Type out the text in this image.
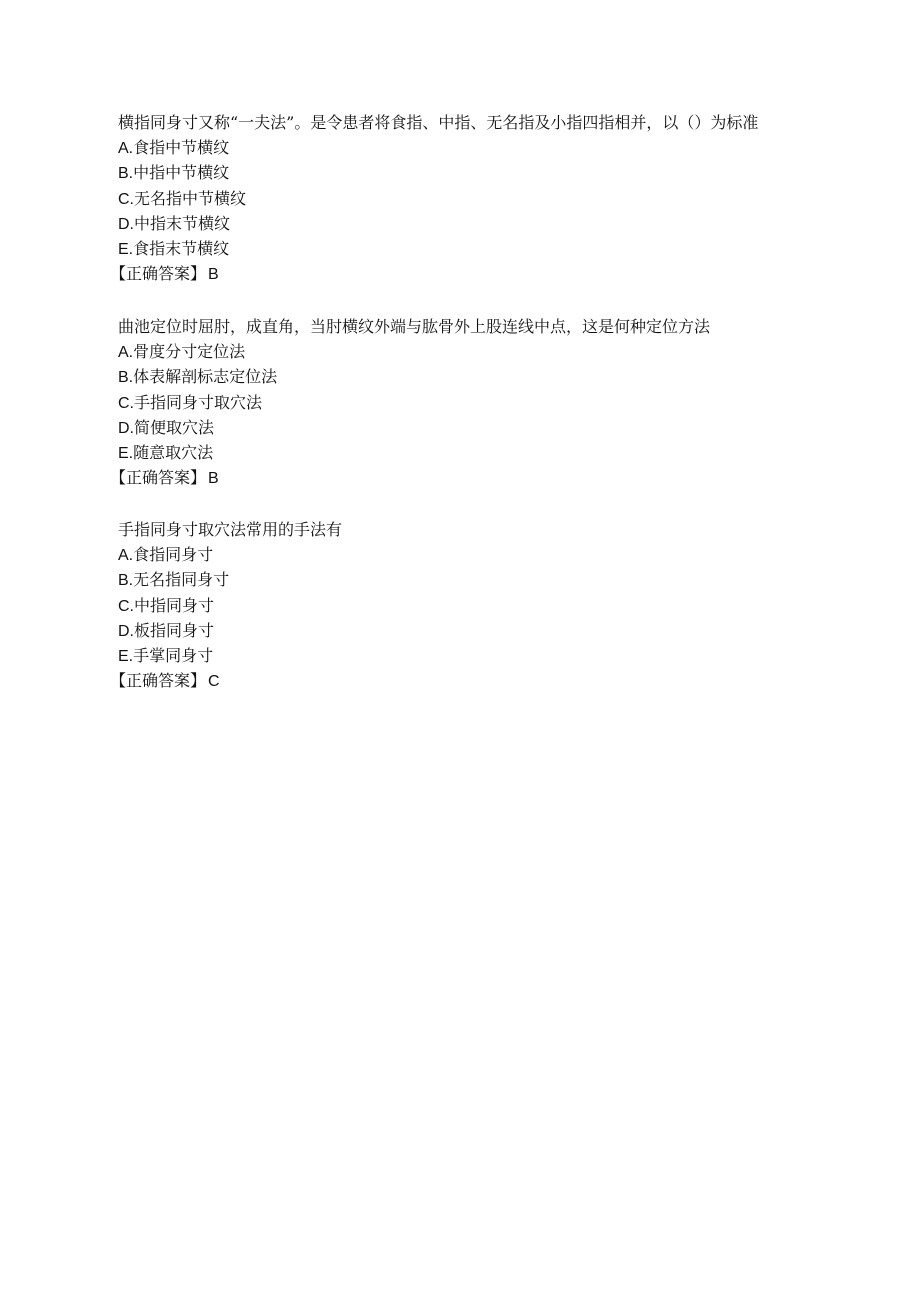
横指同身寸又称“一夫法”。是令患者将食指、中指、无名指及小指四指相并，以（）为标准
A.食指中节横纹
B.中指中节横纹
C.无名指中节横纹
D.中指末节横纹
E.食指末节横纹
【正确答案】 B
曲池定位时屈肘，成直角，当肘横纹外端与肱骨外上股连线中点，这是何种定位方法
A.骨度分寸定位法
B.体表解剖标志定位法
C.手指同身寸取穴法
D.简便取穴法
E.随意取穴法
【正确答案】 B
手指同身寸取穴法常用的手法有
A.食指同身寸
B.无名指同身寸
C.中指同身寸
D.板指同身寸
E.手掌同身寸
【正确答案】 C
